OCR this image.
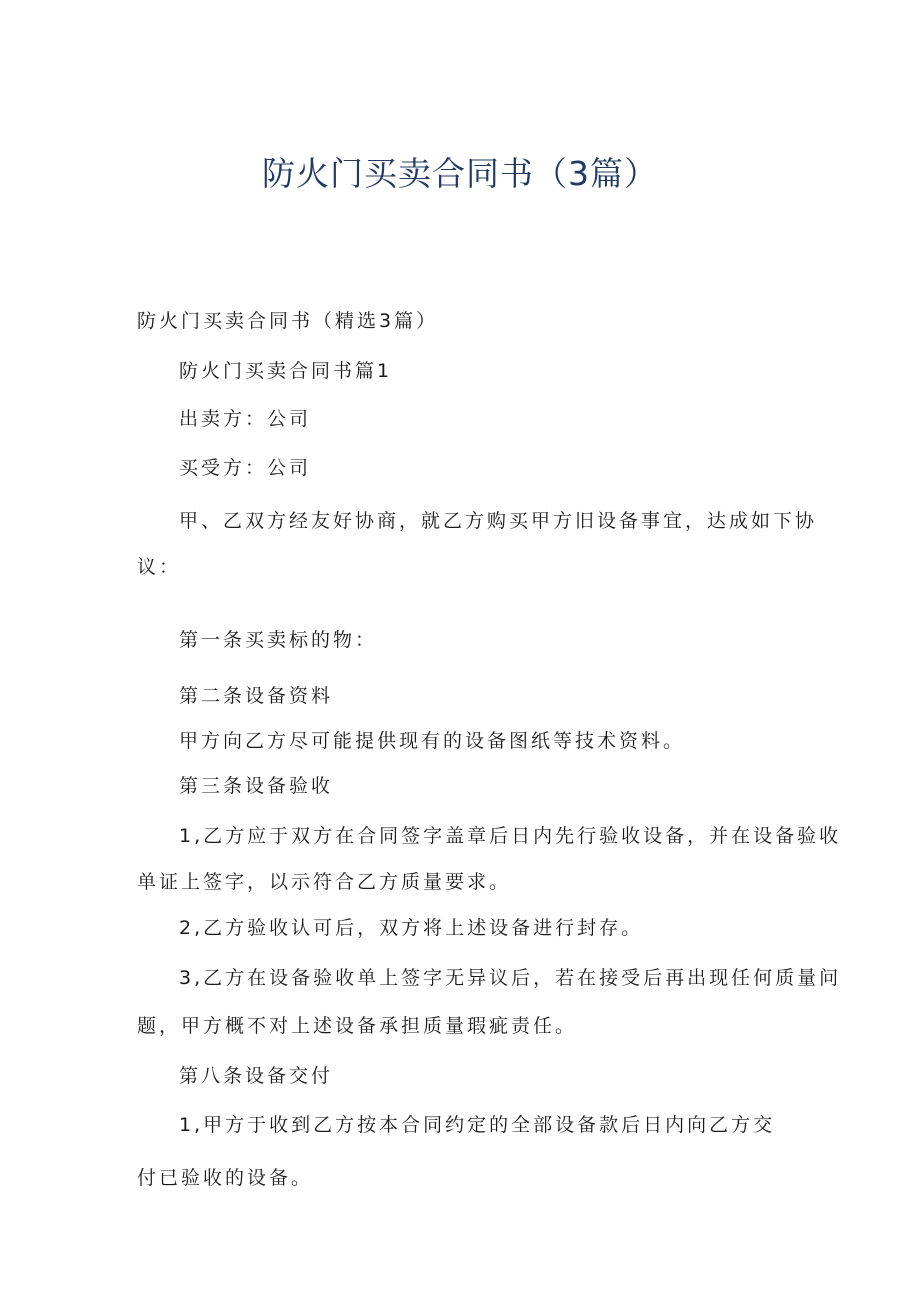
防火门买卖合同书（3篇）
防火门买卖合同书（精选3篇）
防火门买卖合同书篇1
出卖方：公司
买受方：公司
甲、乙双方经友好协商，就乙方购买甲方旧设备事宜，达成如下协
议：
第一条买卖标的物：
第二条设备资料
甲方向乙方尽可能提供现有的设备图纸等技术资料。
第三条设备验收
1,乙方应于双方在合同签字盖章后日内先行验收设备，并在设备验收
单证上签字，以示符合乙方质量要求。
2,乙方验收认可后，双方将上述设备进行封存。
3,乙方在设备验收单上签字无异议后，若在接受后再出现任何质量问
题，甲方概不对上述设备承担质量瑕疵责任。
第八条设备交付
1,甲方于收到乙方按本合同约定的全部设备款后日内向乙方交
付已验收的设备。
